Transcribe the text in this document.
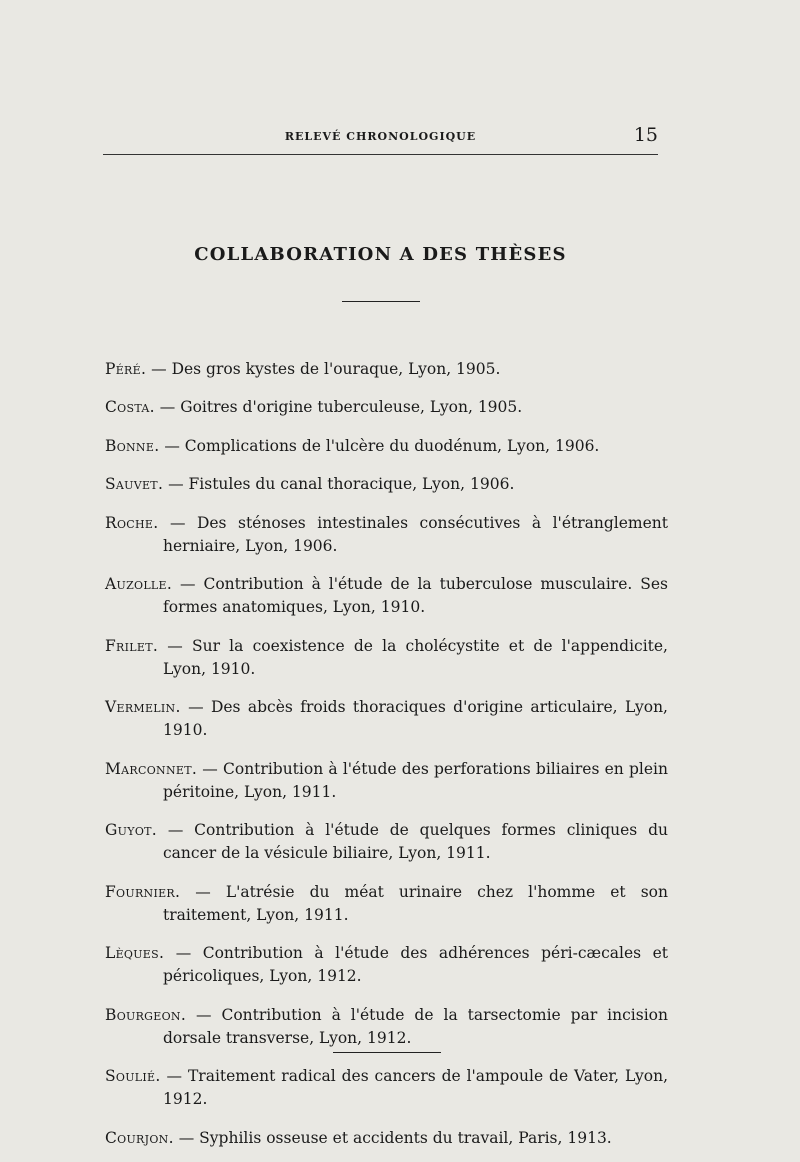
RELEVÉ CHRONOLOGIQUE	15
COLLABORATION A DES THÈSES

Péré. — Des gros kystes de l'ouraque, Lyon, 1905.

Costa. — Goitres d'origine tuberculeuse, Lyon, 1905.

Bonne. — Complications de l'ulcère du duodénum, Lyon, 1906.

Sauvet. — Fistules du canal thoracique, Lyon, 1906.

Roche. — Des sténoses intestinales consécutives à l'étranglement herniaire, Lyon, 1906.

Auzolle. — Contribution à l'étude de la tuberculose musculaire. Ses formes anatomiques, Lyon, 1910.

Frilet. — Sur la coexistence de la cholécystite et de l'appendicite, Lyon, 1910.

Vermelin. — Des abcès froids thoraciques d'origine articulaire, Lyon, 1910.

Marconnet. — Contribution à l'étude des perforations biliaires en plein péritoine, Lyon, 1911.

Guyot. — Contribution à l'étude de quelques formes cliniques du cancer de la vésicule biliaire, Lyon, 1911.

Fournier. — L'atrésie du méat urinaire chez l'homme et son traitement, Lyon, 1911.

Lèques. — Contribution à l'étude des adhérences péri-cæcales et péricoliques, Lyon, 1912.

Bourgeon. — Contribution à l'étude de la tarsectomie par incision dorsale transverse, Lyon, 1912.

Soulié. — Traitement radical des cancers de l'ampoule de Vater, Lyon, 1912.

Courjon. — Syphilis osseuse et accidents du travail, Paris, 1913.
